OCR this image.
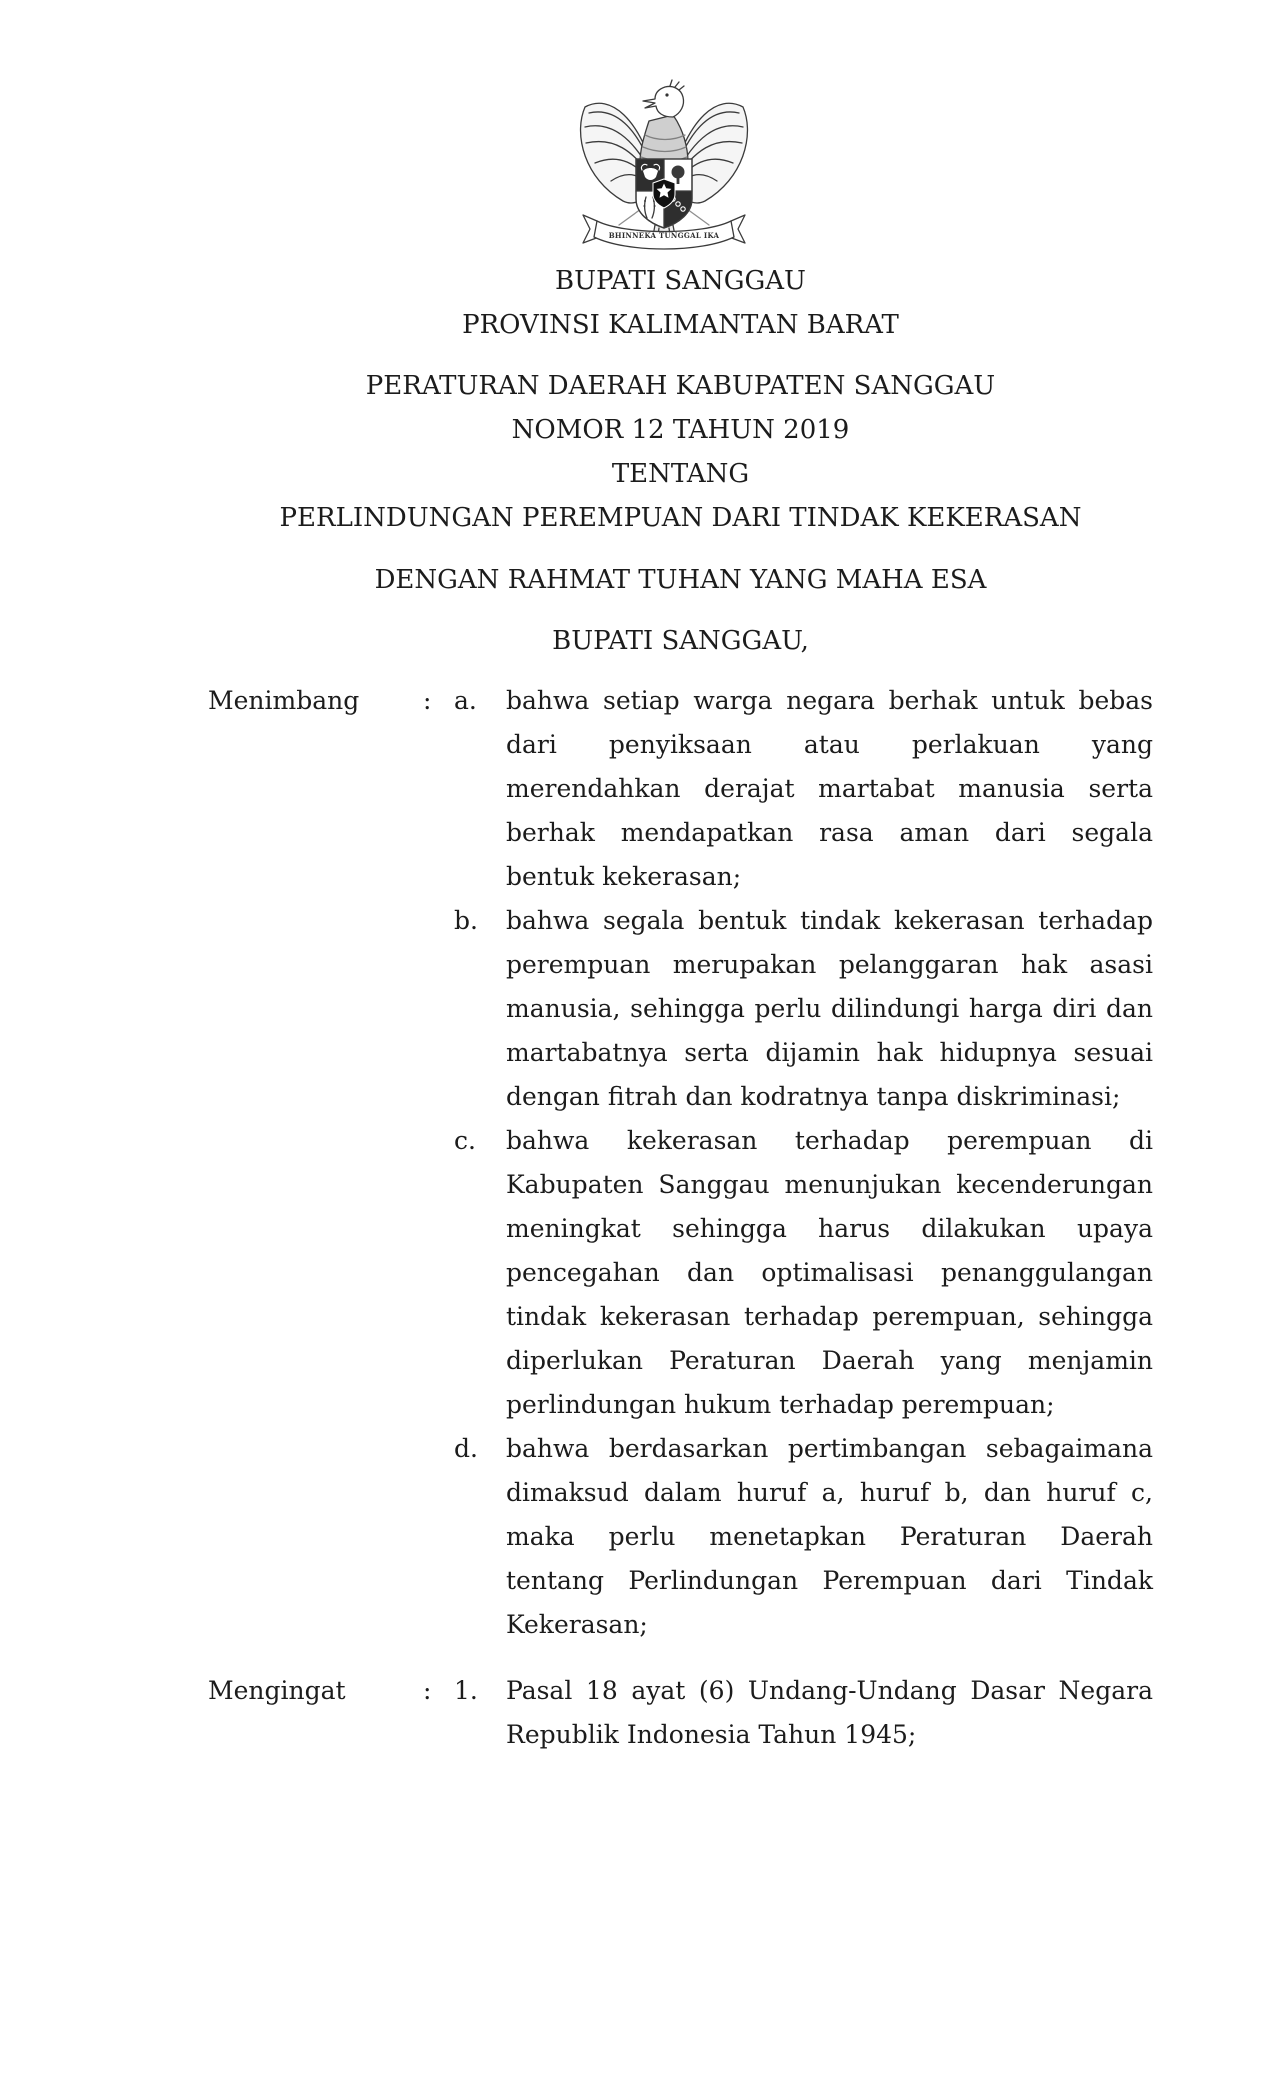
BHINNEKA TUNGGAL IKA
BUPATI SANGGAU
PROVINSI KALIMANTAN BARAT
PERATURAN DAERAH KABUPATEN SANGGAU
NOMOR 12 TAHUN 2019
TENTANG
PERLINDUNGAN PEREMPUAN DARI TINDAK KEKERASAN
DENGAN RAHMAT TUHAN YANG MAHA ESA
BUPATI SANGGAU,
Menimbang	: a.	bahwa setiap warga negara berhak untuk bebas
dari penyiksaan atau perlakuan yang
merendahkan derajat martabat manusia serta
berhak mendapatkan rasa aman dari segala
bentuk kekerasan;
b.	bahwa segala bentuk tindak kekerasan terhadap
perempuan merupakan pelanggaran hak asasi
manusia, sehingga perlu dilindungi harga diri dan
martabatnya serta dijamin hak hidupnya sesuai
dengan fitrah dan kodratnya tanpa diskriminasi;
c.	bahwa kekerasan terhadap perempuan di
Kabupaten Sanggau menunjukan kecenderungan
meningkat sehingga harus dilakukan upaya
pencegahan dan optimalisasi penanggulangan
tindak kekerasan terhadap perempuan, sehingga
diperlukan Peraturan Daerah yang menjamin
perlindungan hukum terhadap perempuan;
d.	bahwa berdasarkan pertimbangan sebagaimana
dimaksud dalam huruf a, huruf b, dan huruf c,
maka perlu menetapkan Peraturan Daerah
tentang Perlindungan Perempuan dari Tindak
Kekerasan;
Mengingat	: 1.	Pasal 18 ayat (6) Undang-Undang Dasar Negara
Republik Indonesia Tahun 1945;
